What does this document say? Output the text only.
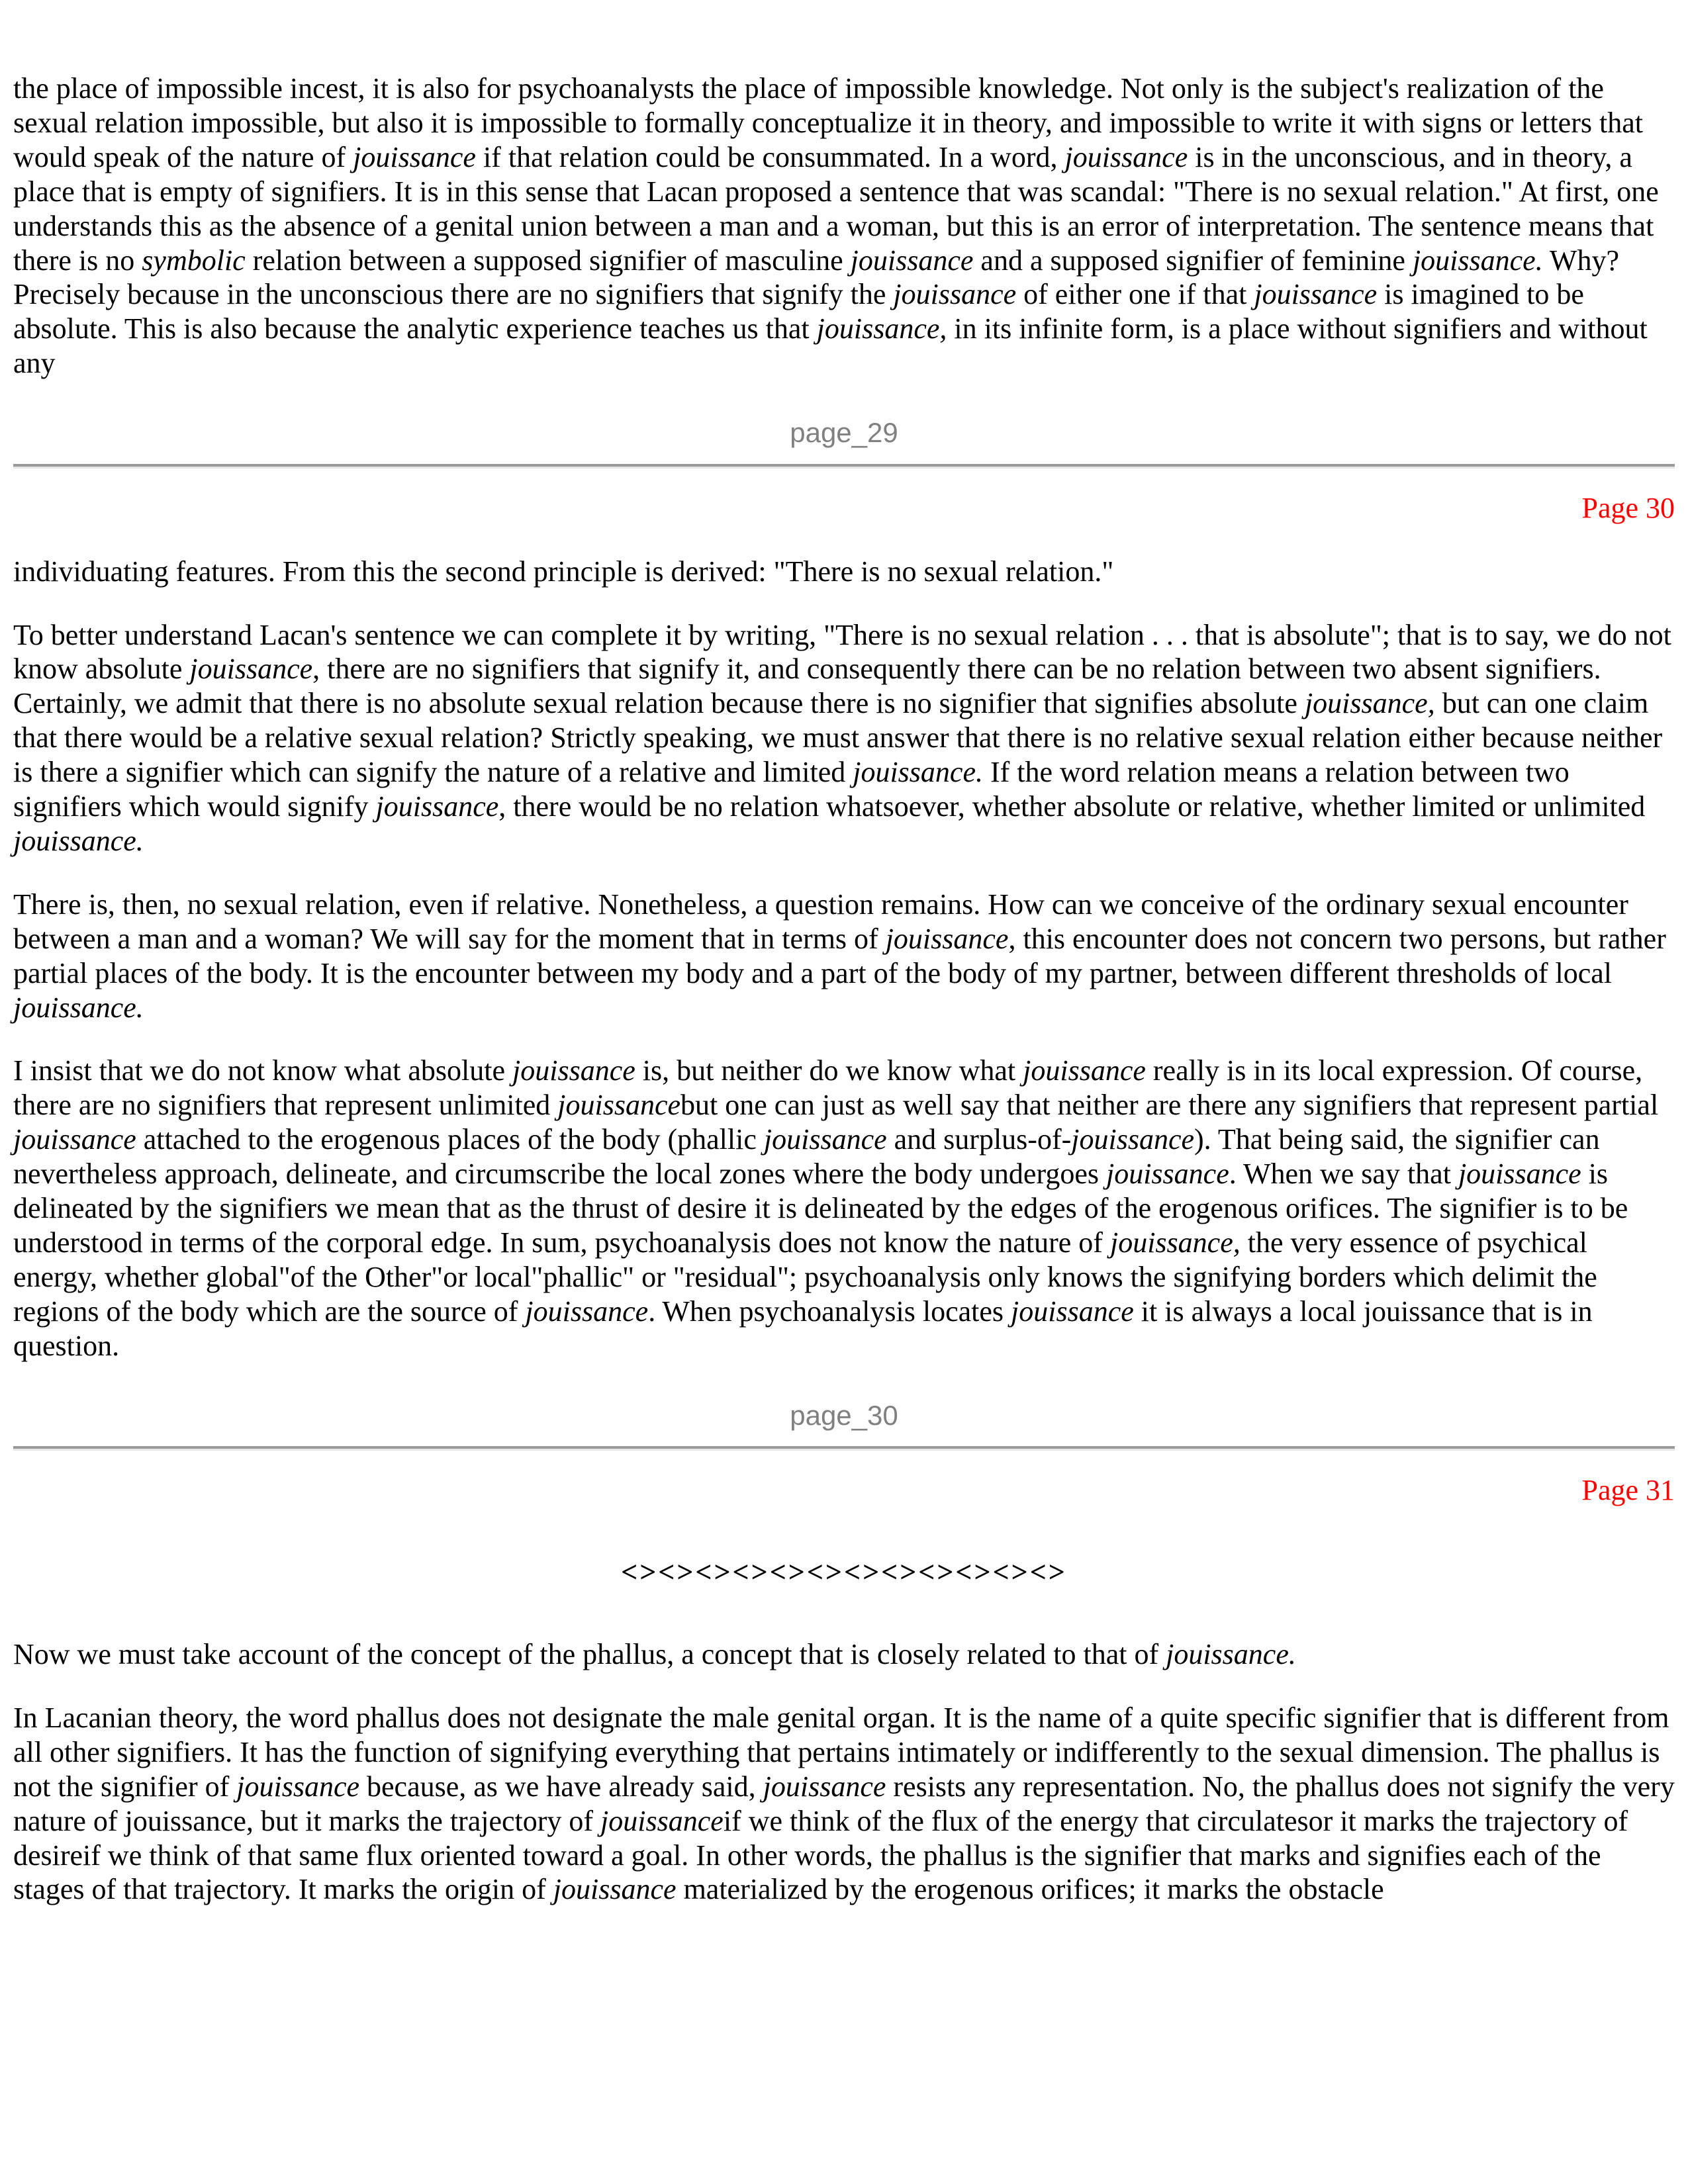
the place of impossible incest, it is also for psychoanalysts the place of impossible knowledge. Not only is the subject's realization of the sexual relation impossible, but also it is impossible to formally conceptualize it in theory, and impossible to write it with signs or letters that would speak of the nature of jouissance if that relation could be consummated. In a word, jouissance is in the unconscious, and in theory, a place that is empty of signifiers. It is in this sense that Lacan proposed a sentence that was scandal: "There is no sexual relation." At first, one understands this as the absence of a genital union between a man and a woman, but this is an error of interpretation. The sentence means that there is no symbolic relation between a supposed signifier of masculine jouissance and a supposed signifier of feminine jouissance. Why? Precisely because in the unconscious there are no signifiers that signify the jouissance of either one if that jouissance is imagined to be absolute. This is also because the analytic experience teaches us that jouissance, in its infinite form, is a place without signifiers and without any

page_29

Page 30

individuating features. From this the second principle is derived: "There is no sexual relation."

To better understand Lacan's sentence we can complete it by writing, "There is no sexual relation . . . that is absolute"; that is to say, we do not know absolute jouissance, there are no signifiers that signify it, and consequently there can be no relation between two absent signifiers. Certainly, we admit that there is no absolute sexual relation because there is no signifier that signifies absolute jouissance, but can one claim that there would be a relative sexual relation? Strictly speaking, we must answer that there is no relative sexual relation either because neither is there a signifier which can signify the nature of a relative and limited jouissance. If the word relation means a relation between two signifiers which would signify jouissance, there would be no relation whatsoever, whether absolute or relative, whether limited or unlimited jouissance.

There is, then, no sexual relation, even if relative. Nonetheless, a question remains. How can we conceive of the ordinary sexual encounter between a man and a woman? We will say for the moment that in terms of jouissance, this encounter does not concern two persons, but rather partial places of the body. It is the encounter between my body and a part of the body of my partner, between different thresholds of local jouissance.

I insist that we do not know what absolute jouissance is, but neither do we know what jouissance really is in its local expression. Of course, there are no signifiers that represent unlimited jouissancebut one can just as well say that neither are there any signifiers that represent partial jouissance attached to the erogenous places of the body (phallic jouissance and surplus-of-jouissance). That being said, the signifier can nevertheless approach, delineate, and circumscribe the local zones where the body undergoes jouissance. When we say that jouissance is delineated by the signifiers we mean that as the thrust of desire it is delineated by the edges of the erogenous orifices. The signifier is to be understood in terms of the corporal edge. In sum, psychoanalysis does not know the nature of jouissance, the very essence of psychical energy, whether global"of the Other"or local"phallic" or "residual"; psychoanalysis only knows the signifying borders which delimit the regions of the body which are the source of jouissance. When psychoanalysis locates jouissance it is always a local jouissance that is in question.

page_30

Page 31

<><><><><><><><><><><><>

Now we must take account of the concept of the phallus, a concept that is closely related to that of jouissance.

In Lacanian theory, the word phallus does not designate the male genital organ. It is the name of a quite specific signifier that is different from all other signifiers. It has the function of signifying everything that pertains intimately or indifferently to the sexual dimension. The phallus is not the signifier of jouissance because, as we have already said, jouissance resists any representation. No, the phallus does not signify the very nature of jouissance, but it marks the trajectory of jouissanceif we think of the flux of the energy that circulatesor it marks the trajectory of desireif we think of that same flux oriented toward a goal. In other words, the phallus is the signifier that marks and signifies each of the stages of that trajectory. It marks the origin of jouissance materialized by the erogenous orifices; it marks the obstacle
